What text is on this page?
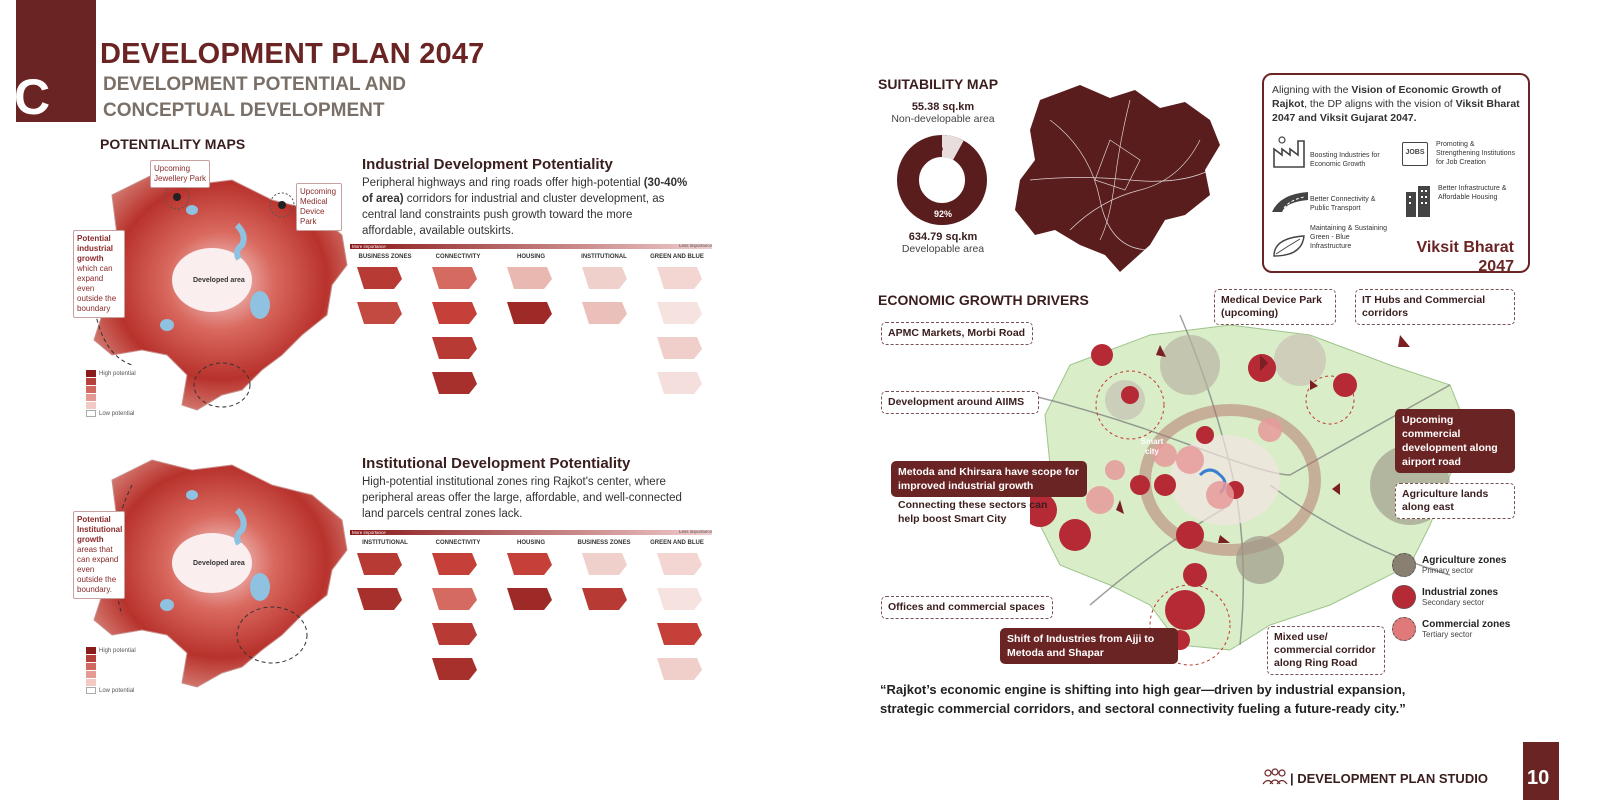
C
DEVELOPMENT PLAN 2047
DEVELOPMENT POTENTIAL AND
CONCEPTUAL DEVELOPMENT
POTENTIALITY MAPS
Developed area
Upcoming Jewellery Park
Upcoming Medical Device Park
Potential industrial growth which can expand even outside the boundary
High potential
Low potential
Industrial Development Potentiality
Peripheral highways and ring roads offer high-potential (30-40% of area) corridors for industrial and cluster development, as central land constraints push growth toward the more affordable, available outskirts.
More importance	Less importance
BUSINESS ZONES	CONNECTIVITY	HOUSING	INSTITUTIONAL	GREEN AND BLUE
Developed area
Potential Institutional growth areas that can expand even outside the boundary.
High potential
Low potential
Institutional Development Potentiality
High-potential institutional zones ring Rajkot's center, where peripheral areas offer the large, affordable, and well-connected land parcels central zones lack.
More importance	Less importance
INSTITUTIONAL	CONNECTIVITY	HOUSING	BUSINESS ZONES	GREEN AND BLUE
SUITABILITY MAP
55.38 sq.km
Non-developable area
8%
92%
634.79 sq.km
Developable area
Aligning with the Vision of Economic Growth of Rajkot, the DP aligns with the vision of Viksit Bharat 2047 and Viksit Gujarat 2047.
Boosting Industries for Economic Growth
JOBS
Promoting & Strengthening Institutions for Job Creation
Better Connectivity & Public Transport
Better Infrastructure & Affordable Housing
Maintaining & Sustaining Green - Blue Infrastructure	Viksit Bharat
2047
ECONOMIC GROWTH DRIVERS
Smart city
APMC Markets, Morbi Road
Medical Device Park
(upcoming)
IT Hubs and Commercial
corridors
Development around AIIMS
Upcoming commercial development along airport road
Metoda and Khirsara have scope for improved industrial growth
Connecting these sectors can help boost Smart City
Agriculture lands along east
Offices and commercial spaces
Shift of Industries from Ajji to Metoda and Shapar
Mixed use/ commercial corridor along Ring Road
Agriculture zones
Primary sector
Industrial zones
Secondary sector
Commercial zones
Tertiary sector
“Rajkot’s economic engine is shifting into high gear—driven by industrial expansion,
strategic commercial corridors, and sectoral connectivity fueling a future-ready city.”
| DEVELOPMENT PLAN STUDIO 10
